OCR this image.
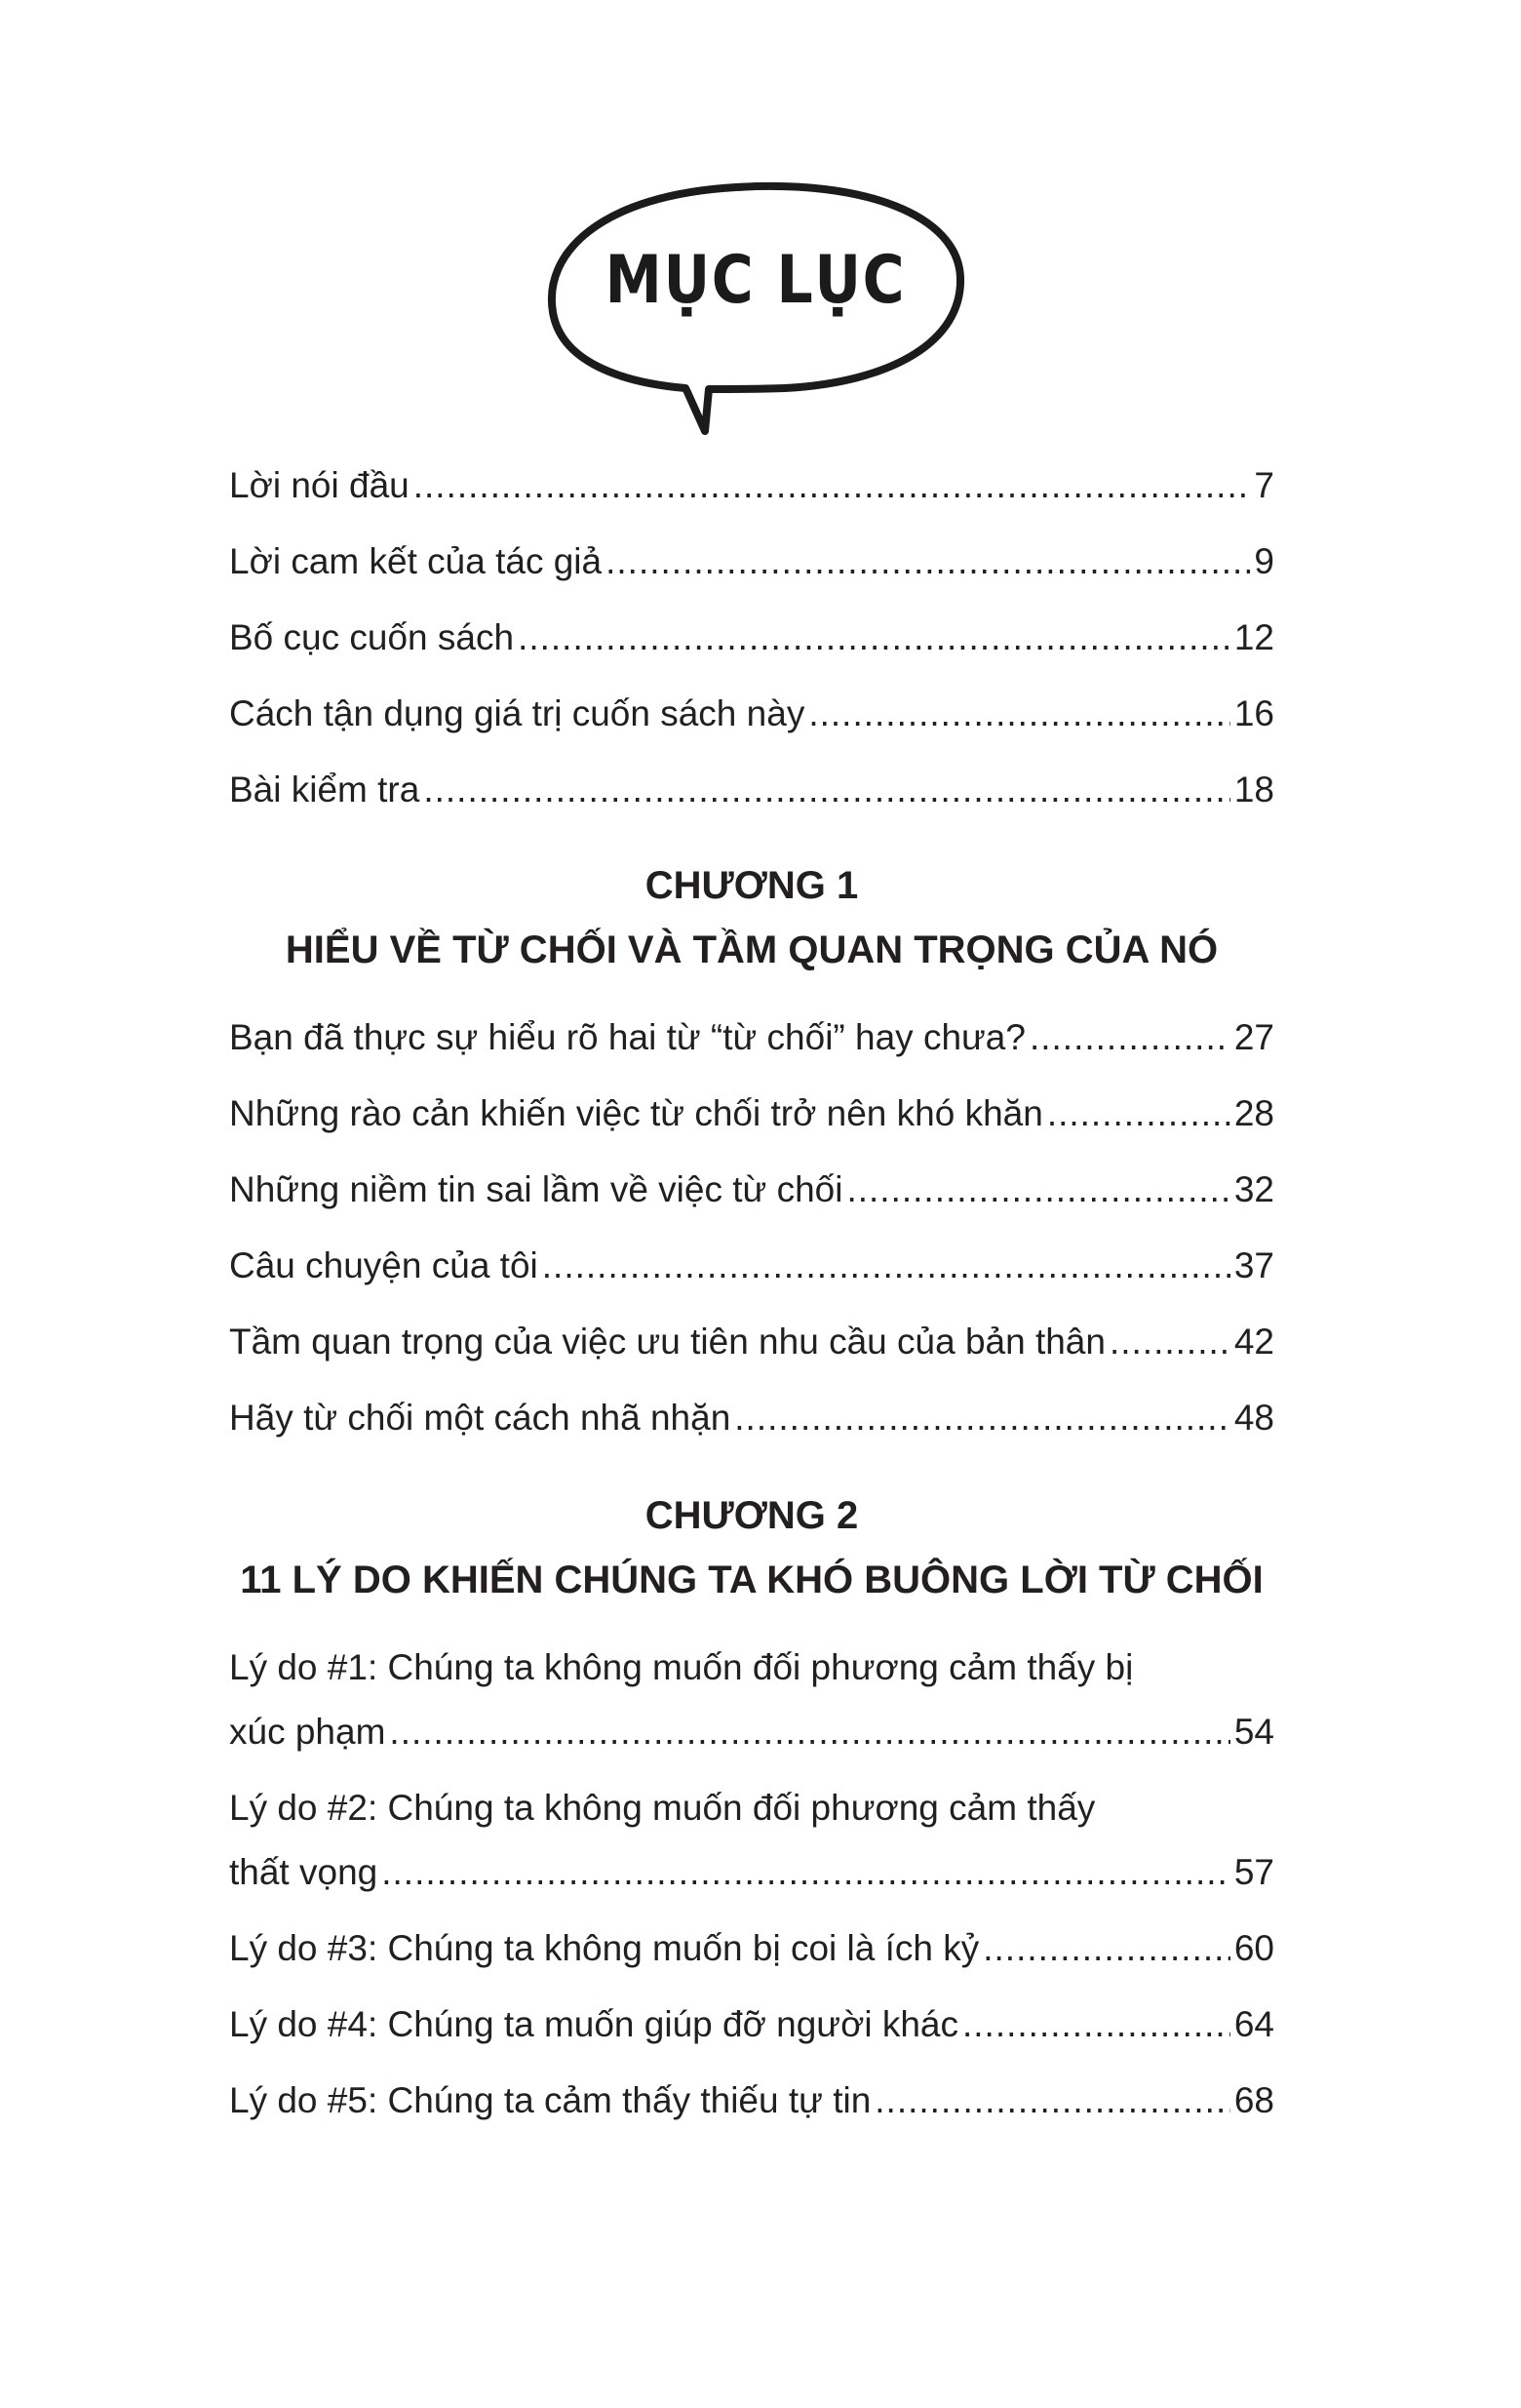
MỤC LỤC
Lời nói đầu .....	7
Lời cam kết của tác giả .....	9
Bố cục cuốn sách .....	12
Cách tận dụng giá trị cuốn sách này .....	16
Bài kiểm tra .....	18
CHƯƠNG 1
HIỂU VỀ TỪ CHỐI VÀ TẦM QUAN TRỌNG CỦA NÓ
Bạn đã thực sự hiểu rõ hai từ “từ chối” hay chưa? .....	27
Những rào cản khiến việc từ chối trở nên khó khăn .....	28
Những niềm tin sai lầm về việc từ chối .....	32
Câu chuyện của tôi .....	37
Tầm quan trọng của việc ưu tiên nhu cầu của bản thân .....	42
Hãy từ chối một cách nhã nhặn .....	48
CHƯƠNG 2
11 LÝ DO KHIẾN CHÚNG TA KHÓ BUÔNG LỜI TỪ CHỐI
Lý do #1: Chúng ta không muốn đối phương cảm thấy bị
xúc phạm .....	54
Lý do #2: Chúng ta không muốn đối phương cảm thấy
thất vọng .....	57
Lý do #3: Chúng ta không muốn bị coi là ích kỷ .....	60
Lý do #4: Chúng ta muốn giúp đỡ người khác .....	64
Lý do #5: Chúng ta cảm thấy thiếu tự tin .....	68
